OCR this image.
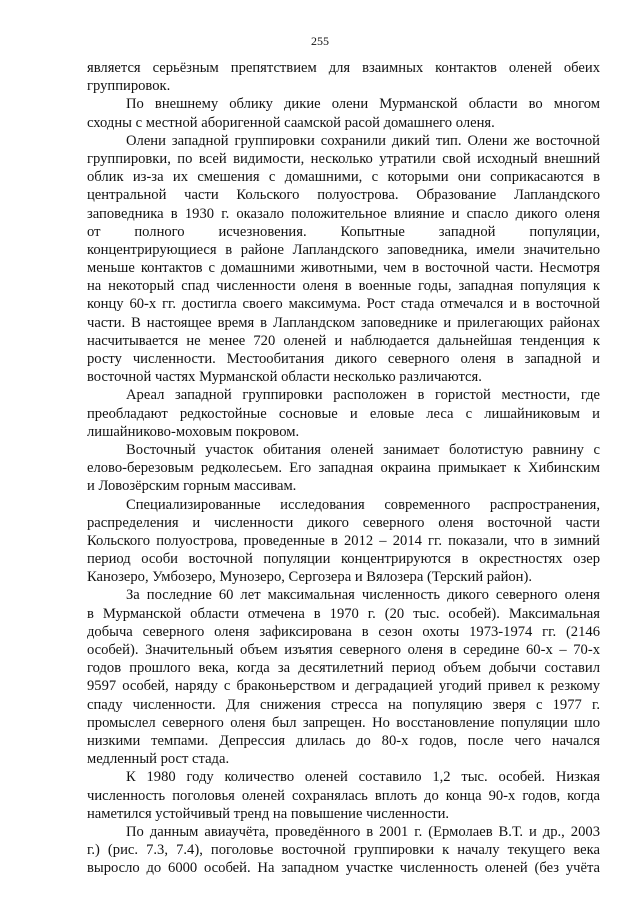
255
является серьёзным препятствием для взаимных контактов оленей обеих
группировок.
По внешнему облику дикие олени Мурманской области во многом
сходны с местной аборигенной саамской расой домашнего оленя.
Олени западной группировки сохранили дикий тип. Олени же восточной
группировки, по всей видимости, несколько утратили свой исходный внешний
облик из-за их смешения с домашними, с которыми они соприкасаются в
центральной части Кольского полуострова. Образование Лапландского
заповедника в 1930 г. оказало положительное влияние и спасло дикого оленя
от полного исчезновения. Копытные западной популяции,
концентрирующиеся в районе Лапландского заповедника, имели значительно
меньше контактов с домашними животными, чем в восточной части. Несмотря
на некоторый спад численности оленя в военные годы, западная популяция к
концу 60-х гг. достигла своего максимума. Рост стада отмечался и в восточной
части. В настоящее время в Лапландском заповеднике и прилегающих районах
насчитывается не менее 720 оленей и наблюдается дальнейшая тенденция к
росту численности. Местообитания дикого северного оленя в западной и
восточной частях Мурманской области несколько различаются.
Ареал западной группировки расположен в гористой местности, где
преобладают редкостойные сосновые и еловые леса с лишайниковым и
лишайниково-моховым покровом.
Восточный участок обитания оленей занимает болотистую равнину с
елово-березовым редколесьем. Его западная окраина примыкает к Хибинским
и Ловозёрским горным массивам.
Специализированные исследования современного распространения,
распределения и численности дикого северного оленя восточной части
Кольского полуострова, проведенные в 2012 – 2014 гг. показали, что в зимний
период особи восточной популяции концентрируются в окрестностях озер
Канозеро, Умбозеро, Мунозеро, Сергозера и Вялозера (Терский район).
За последние 60 лет максимальная численность дикого северного оленя
в Мурманской области отмечена в 1970 г. (20 тыс. особей). Максимальная
добыча северного оленя зафиксирована в сезон охоты 1973-1974 гг. (2146
особей). Значительный объем изъятия северного оленя в середине 60-х – 70-х
годов прошлого века, когда за десятилетний период объем добычи составил
9597 особей, наряду с браконьерством и деградацией угодий привел к резкому
спаду численности. Для снижения стресса на популяцию зверя с 1977 г.
промыслел северного оленя был запрещен. Но восстановление популяции шло
низкими темпами. Депрессия длилась до 80-х годов, после чего начался
медленный рост стада.
К 1980 году количество оленей составило 1,2 тыс. особей. Низкая
численность поголовья оленей сохранялась вплоть до конца 90-х годов, когда
наметился устойчивый тренд на повышение численности.
По данным авиаучёта, проведённого в 2001 г. (Ермолаев В.Т. и др., 2003
г.) (рис. 7.3, 7.4), поголовье восточной группировки к началу текущего века
выросло до 6000 особей. На западном участке численность оленей (без учёта
